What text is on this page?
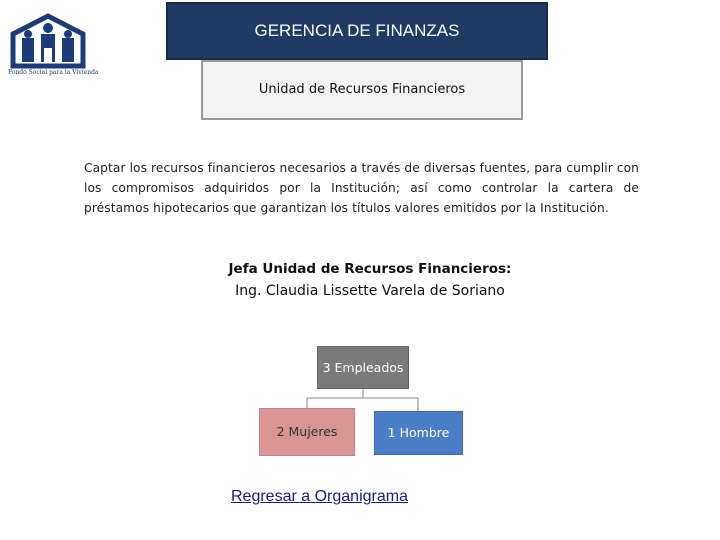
Fondo Social para la Vivienda
GERENCIA DE FINANZAS
Unidad de Recursos Financieros
Captar los recursos financieros necesarios a través de diversas fuentes, para cumplir con los compromisos adquiridos por la Institución; así como controlar la cartera de préstamos hipotecarios que garantizan los títulos valores emitidos por la Institución.
Jefa Unidad de Recursos Financieros:
Ing. Claudia Lissette Varela de Soriano
3 Empleados
2 Mujeres	1 Hombre
Regresar a Organigrama
